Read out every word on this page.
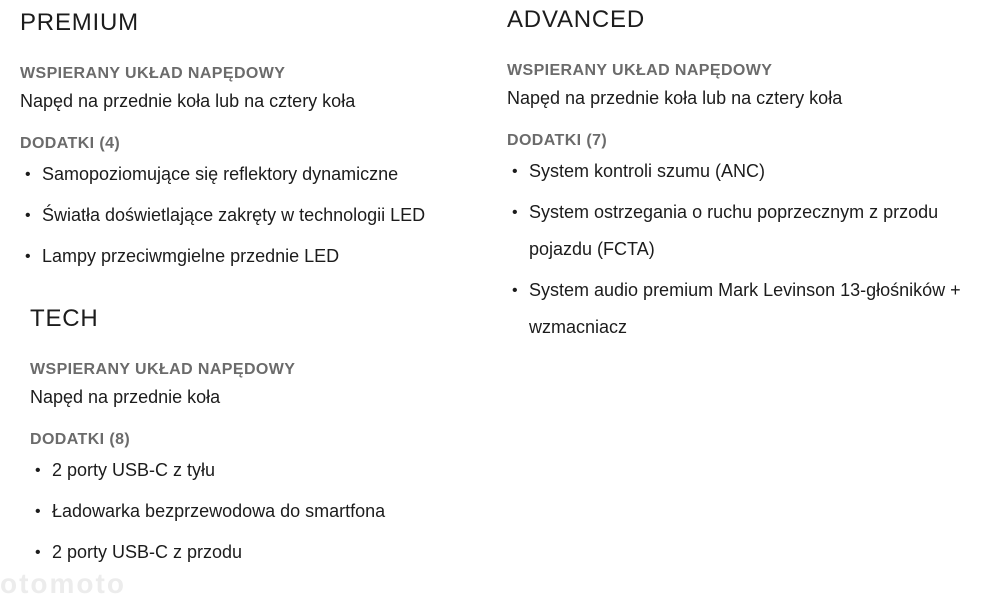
PREMIUM
WSPIERANY UKŁAD NAPĘDOWY
Napęd na przednie koła lub na cztery koła
DODATKI (4)
• Samopoziomujące się reflektory dynamiczne
• Światła doświetlające zakręty w technologii LED
• Lampy przeciwmgielne przednie LED
TECH
WSPIERANY UKŁAD NAPĘDOWY
Napęd na przednie koła
DODATKI (8)
• 2 porty USB-C z tyłu
• Ładowarka bezprzewodowa do smartfona
• 2 porty USB-C z przodu
ADVANCED
WSPIERANY UKŁAD NAPĘDOWY
Napęd na przednie koła lub na cztery koła
DODATKI (7)
• System kontroli szumu (ANC)
• System ostrzegania o ruchu poprzecznym z przodu pojazdu (FCTA)
• System audio premium Mark Levinson 13-głośników + wzmacniacz
otomoto
